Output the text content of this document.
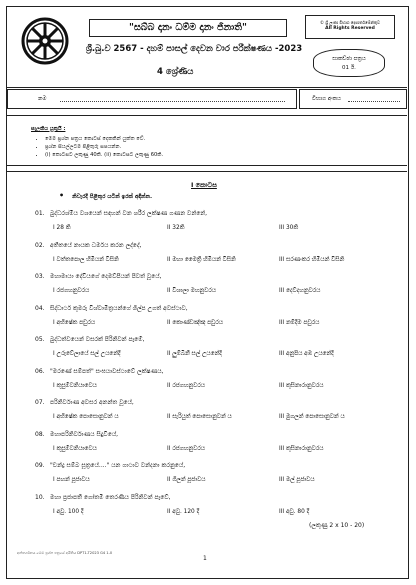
"සබ්බ දානං ධම්ම දානං ජිනාති"
ශ්‍රී.බු.ව 2567 - දහම් පාසල් දෙවන වාර පරීක්ෂණය -2023
4 ශ්‍රේණිය
© ශ්‍රී ලංකා විභාග දෙපාර්තමේන්තුව
All Rights Reserved
සාකච්ඡා පත්‍රය
01 ඊ.
නම	විභාග අංකය
සැලකිය යුතුයි :
• මෙම ප්‍රශ්න පත්‍රය කොටස් දෙකකින් යුක්ත වේ.
• ප්‍රශ්න සියල්ලටම පිළිතුරු සපයන්න.
• (i) කොටසට ලකුණු 40කි. (ii) කොටසට ලකුණු 60කි.
I කොටස
• නිවැරදි පිළිතුර යටින් ඉරක් අඳින්න.
01. බුද්ධරශ්මිය වශයෙන් සඳහන් වන ශරීර ලක්ෂණ ගණන වන්නේ,
I 28 කි	II 32කි	III 30කි
02. අතීතයේ නායක ධර්මය කරන ලද්දේ,
I වත්තපොල හිමියන් විසිනි	II මහා මෛත්‍රී හිමියන් විසිනි	III සරණංකර හිමියන් විසිනි
03. මහාමායා දේවියගේ දෙමව්පියන් පිවත් වූයේ,
I රජගහනුවරය	II විශාලා මහනුවරය	III දෙව්දහනුවරය
04. සිද්ධාර්ථ කුමරු විශ්වාමිත්‍රයන්ගේ ශිල්ප උගත් අවස්ථාව,
I අභිෂේක පඩුරය	II කොණ්ඩඤ්ඤ පඩුරය	III නම්දීම පඩුරය
05. බුද්ධත්වයෙන් වසරක් පිරිනිවන් පෑමේ,
I උරුවේලායේ සල් උයනේදී	II ලුම්බිනී සල් උයනේදී	III අනුපිය අඹ උයනේදී
06. "මරණේ සම්පත්" සංඝයාවස්ථාවේ ලක්ෂණය,
I කුසුම්වනියාවෙය	II රජගහනුවරය	III කුසිනාරානුවරය
07. පරිනිර්වාණ අවසර අනන්ත වූයේ,
I අභිෂේක පොසොනුවන් ය	II සැරියුත් පොසොනුවන් ය	III මුගලන් පොසොනුවන් ය
08. මහාපරිනිර්වාණය සිදුවියේ,
I කුසුම්වනියාවෙය	II රජගහනුවරය	III කුසිනාරානුවරය
09. "චන්ද්‍ර සම්බ සූත්‍රයේ...." යන ගාථාව වන්දනා කරනුයේ,
I පහන් පූජාවය	II ගිලන් පූජාවය	III මල් පූජාවය
10. මහා ප්‍රජාපතී ගෝතමී තෙරණිය පිරිනිවන් පෑවේ,
I අවු. 100 දී	II අවු. 120 දී	III අවු. 80 දී
(ලකුණු 2 x 10 - 20)
අන්තර්ගතය මෙම ප්‍රශ්න පත්‍රයේ අයිතිය DPT1-T2023 G4 1-0
1
